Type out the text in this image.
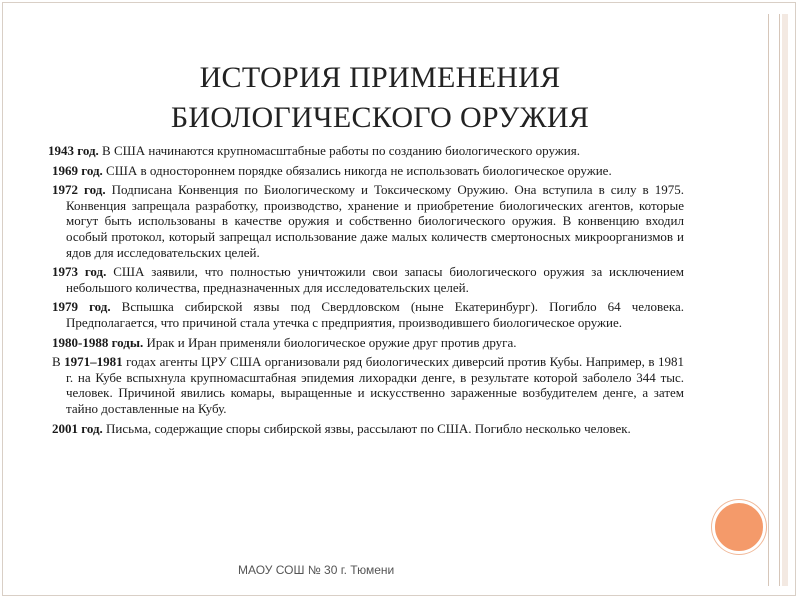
ИСТОРИЯ ПРИМЕНЕНИЯ
БИОЛОГИЧЕСКОГО ОРУЖИЯ

1943 год. В США начинаются крупномасштабные работы по созданию биологического оружия.

1969 год. США в одностороннем порядке обязались никогда не использовать биологическое оружие.

1972 год. Подписана Конвенция по Биологическому и Токсическому Оружию. Она вступила в силу в 1975. Конвенция запрещала разработку, производство, хранение и приобретение биологических агентов, которые могут быть использованы в качестве оружия и собственно биологического оружия. В конвенцию входил особый протокол, который запрещал использование даже малых количеств смертоносных микроорганизмов и ядов для исследовательских целей.

1973 год. США заявили, что полностью уничтожили свои запасы биологического оружия за исключением небольшого количества, предназначенных для исследовательских целей.

1979 год. Вспышка сибирской язвы под Свердловском (ныне Екатеринбург). Погибло 64 человека. Предполагается, что причиной стала утечка с предприятия, производившего биологическое оружие.

1980-1988 годы. Ирак и Иран применяли биологическое оружие друг против друга.

В 1971–1981 годах агенты ЦРУ США организовали ряд биологических диверсий против Кубы. Например, в 1981 г. на Кубе вспыхнула крупномасштабная эпидемия лихорадки денге, в результате которой заболело 344 тыс. человек. Причиной явились комары, выращенные и искусственно зараженные возбудителем денге, а затем тайно доставленные на Кубу.

2001 год. Письма, содержащие споры сибирской язвы, рассылают по США. Погибло несколько человек.

МАОУ СОШ № 30 г. Тюмени
